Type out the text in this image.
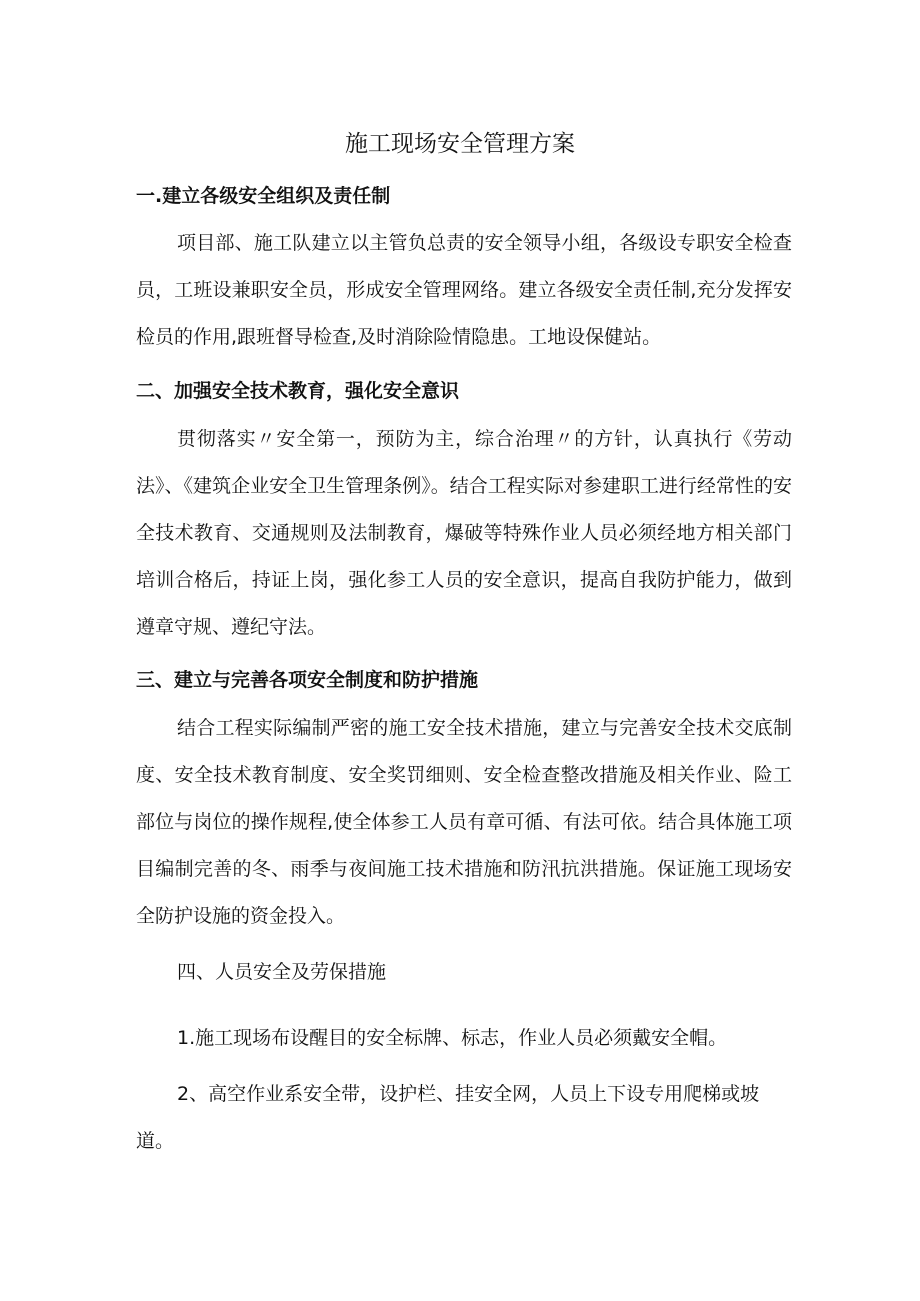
施工现场安全管理方案
一.建立各级安全组织及责任制

项目部、施工队建立以主管负总责的安全领导小组，各级设专职安全检查员，工班设兼职安全员，形成安全管理网络。建立各级安全责任制,充分发挥安检员的作用,跟班督导检查,及时消除险情隐患。工地设保健站。

二、加强安全技术教育，强化安全意识

贯彻落实〃安全第一，预防为主，综合治理〃的方针，认真执行《劳动法》、《建筑企业安全卫生管理条例》。结合工程实际对参建职工进行经常性的安全技术教育、交通规则及法制教育，爆破等特殊作业人员必须经地方相关部门培训合格后，持证上岗，强化参工人员的安全意识，提高自我防护能力，做到遵章守规、遵纪守法。

三、建立与完善各项安全制度和防护措施

结合工程实际编制严密的施工安全技术措施，建立与完善安全技术交底制度、安全技术教育制度、安全奖罚细则、安全检查整改措施及相关作业、险工部位与岗位的操作规程,使全体参工人员有章可循、有法可依。结合具体施工项目编制完善的冬、雨季与夜间施工技术措施和防汛抗洪措施。保证施工现场安全防护设施的资金投入。

四、人员安全及劳保措施

1.施工现场布设醒目的安全标牌、标志，作业人员必须戴安全帽。

2、高空作业系安全带，设护栏、挂安全网，人员上下设专用爬梯或坡道。
